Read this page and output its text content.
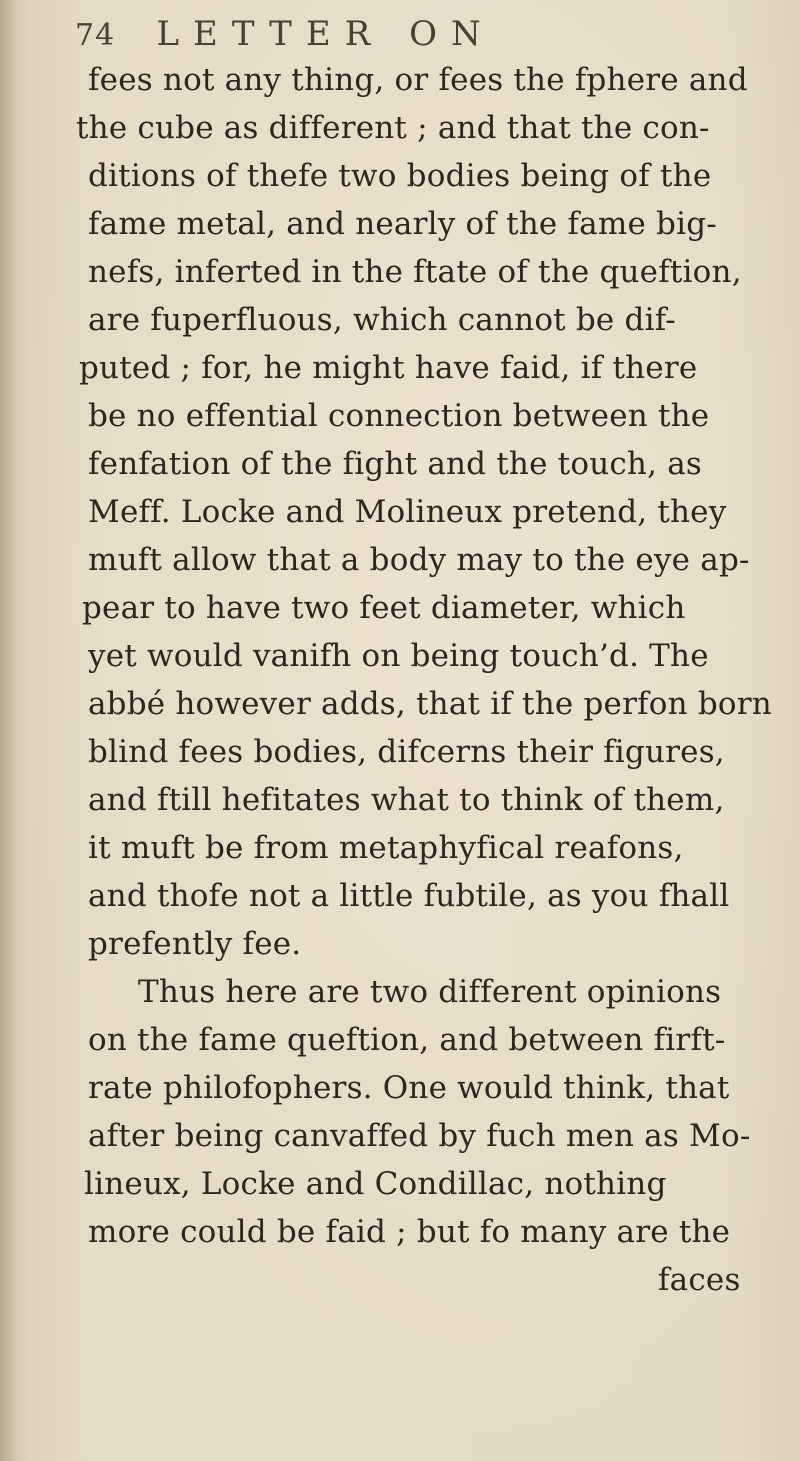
74 LETTER ON
fees not any thing, or fees the fphere and
the cube as different ; and that the con-
ditions of thefe two bodies being of the
fame metal, and nearly of the fame big-
nefs, inferted in the ftate of the queftion,
are fuperfluous, which cannot be dif-
puted ; for, he might have faid, if there
be no effential connection between the
fenfation of the fight and the touch, as
Meff. Locke and Molineux pretend, they
muft allow that a body may to the eye ap-
pear to have two feet diameter, which
yet would vanifh on being touch’d. The
abbé however adds, that if the perfon born
blind fees bodies, difcerns their figures,
and ftill hefitates what to think of them,
it muft be from metaphyfical reafons,
and thofe not a little fubtile, as you fhall
prefently fee.
Thus here are two different opinions
on the fame queftion, and between firft-
rate philofophers. One would think, that
after being canvaffed by fuch men as Mo-
lineux, Locke and Condillac, nothing
more could be faid ; but fo many are the
faces
